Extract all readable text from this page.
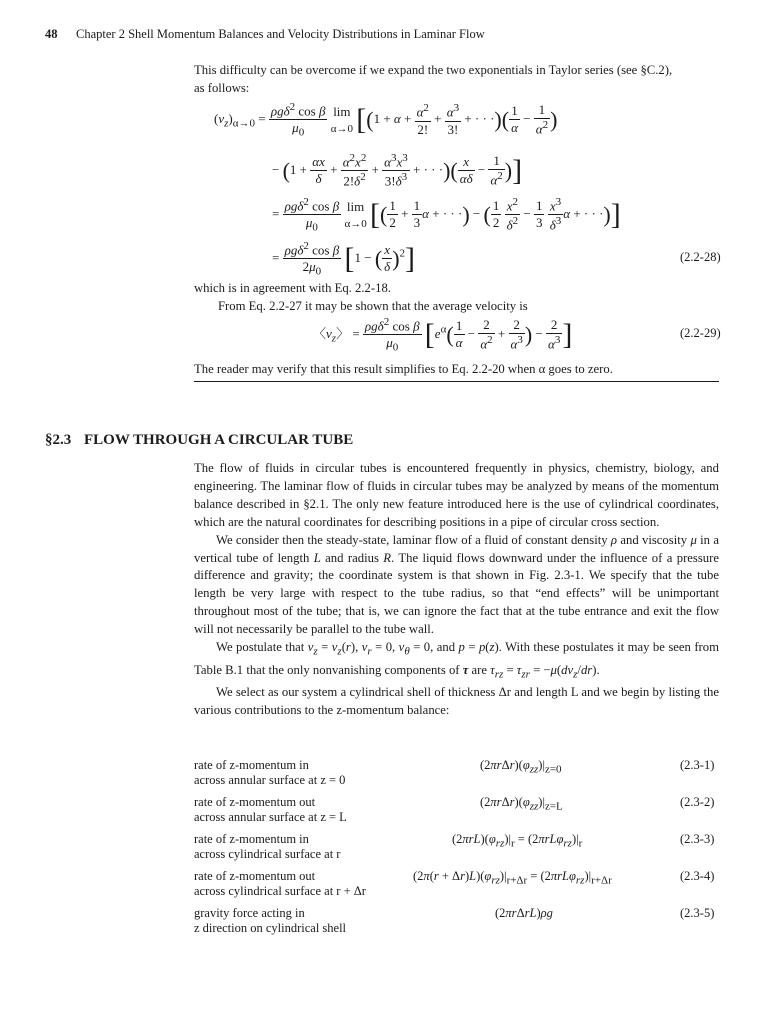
48 Chapter 2 Shell Momentum Balances and Velocity Distributions in Laminar Flow
This difficulty can be overcome if we expand the two exponentials in Taylor series (see §C.2),
as follows:
$(v_z)_{\alpha\to 0} = \frac{\rho g\delta^2 \cos \beta}{\mu_0}$ lim
α→0 [($1 + \alpha + \frac{\alpha^2}{2!} + \frac{\alpha^3}{3!}$ + · · ·)( $\frac{1}{\alpha} - \frac{1}{\alpha^2}$ )
− ($1 + \frac{\alpha x}{\delta} + \frac{\alpha^2x^2}{2!\delta^2} + \frac{\alpha^3x^3}{3!\delta^3}$ + · · ·)( $\frac{x}{\alpha\delta} - \frac{1}{\alpha^2}$ )]
= $\frac{\rho g\delta^2 \cos \beta}{\mu_0}$ lim
α→0 [( $\frac{1}{2} + \frac{1}{3}$ α + · · ·) − ( $\frac{1}{2}$
$\frac{x^2}{\delta^2} - \frac{1}{3}$
$\frac{x^3}{\delta^3}$ α + · · ·)]
= $\frac{\rho g\delta^2 \cos \beta}{2\mu_0} [1$ − ( $\frac{x}{\delta} )^2$]	(2.2-28)
which is in agreement with Eq. 2.2-18.
From Eq. 2.2-27 it may be shown that the average velocity is
〈$v_z$〉 = $\frac{\rho g\delta^2 \cos \beta}{\mu_0} [e^\alpha( \frac{1}{\alpha} - \frac{2}{\alpha^2} + \frac{2}{\alpha^3}$ ) − $\frac{2}{\alpha^3}$ ]	(2.2-29)
The reader may verify that this result simplifies to Eq. 2.2-20 when α goes to zero.
§2.3 FLOW THROUGH A CIRCULAR TUBE

The flow of fluids in circular tubes is encountered frequently in physics, chemistry, biology, and engineering. The laminar flow of fluids in circular tubes may be analyzed by means of the momentum balance described in §2.1. The only new feature introduced here is the use of cylindrical coordinates, which are the natural coordinates for describing positions in a pipe of circular cross section.

We consider then the steady-state, laminar flow of a fluid of constant density ρ and viscosity μ in a vertical tube of length L and radius R. The liquid flows downward under the influence of a pressure difference and gravity; the coordinate system is that shown in Fig. 2.3-1. We specify that the tube length be very large with respect to the tube radius, so that “end effects” will be unimportant throughout most of the tube; that is, we can ignore the fact that at the tube entrance and exit the flow will not necessarily be parallel to the tube wall.

We postulate that $v_z = v_z(r)$, $v_r = 0$, $v_\theta = 0$, and p = p(z). With these postulates it may be seen from Table B.1 that the only nonvanishing components of τ are $\tau_{rz} = \tau_{zr} = -\mu(dv_z/dr)$.

We select as our system a cylindrical shell of thickness Δr and length L and we begin by listing the various contributions to the z-momentum balance:

rate of z-momentum in
across annular surface at z = 0
$(2\pi r\Delta r)(\varphi_{zz})|_{z=0}$	(2.3-1)
rate of z-momentum out
across annular surface at z = L
$(2\pi r\Delta r)(\varphi_{zz})|_{z=L}$	(2.3-2)
rate of z-momentum in
across cylindrical surface at r
$(2\pi rL)(\varphi_{rz})|_r = (2\pi rL\varphi_{rz})|_r$	(2.3-3)
rate of z-momentum out
across cylindrical surface at r + Δr
$(2\pi(r + \Delta r)L)(\varphi_{rz})|_{r+\Delta r} = (2\pi rL\varphi_{rz})|_{r+\Delta r}$	(2.3-4)
gravity force acting in
z direction on cylindrical shell
(2πrΔrL)ρg	(2.3-5)
